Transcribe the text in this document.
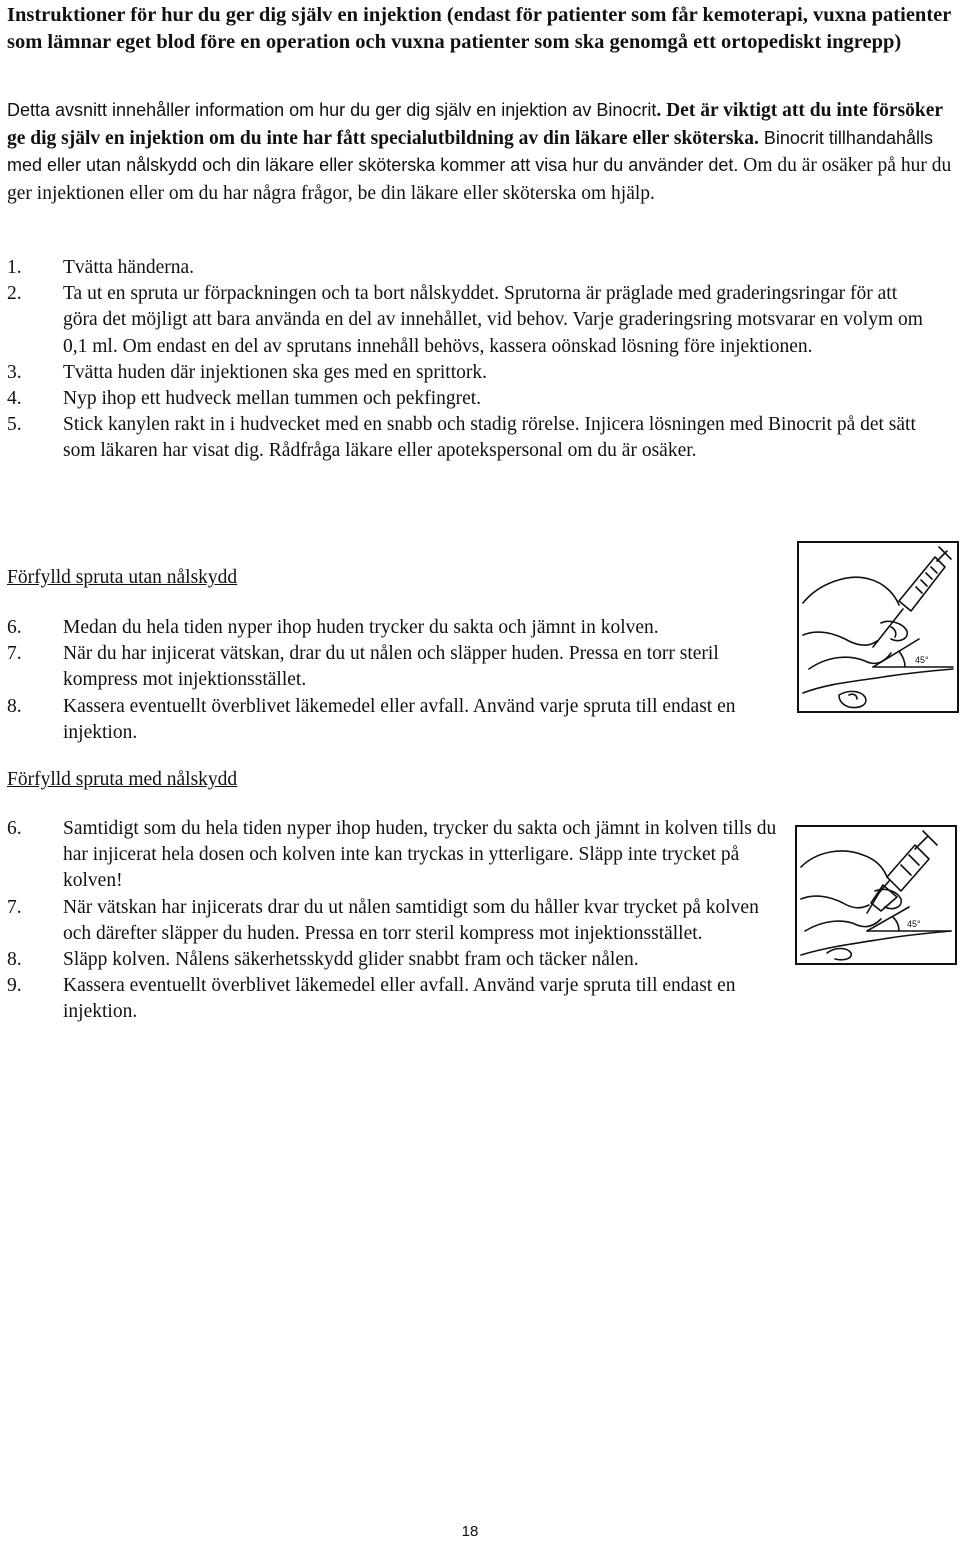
Instruktioner för hur du ger dig själv en injektion (endast för patienter som får kemoterapi, vuxna patienter som lämnar eget blod före en operation och vuxna patienter som ska genomgå ett ortopediskt ingrepp)

Detta avsnitt innehåller information om hur du ger dig själv en injektion av Binocrit. Det är viktigt att du inte försöker ge dig själv en injektion om du inte har fått specialutbildning av din läkare eller sköterska. Binocrit tillhandahålls med eller utan nålskydd och din läkare eller sköterska kommer att visa hur du använder det. Om du är osäker på hur du ger injektionen eller om du har några frågor, be din läkare eller sköterska om hjälp.

1. Tvätta händerna.
2. Ta ut en spruta ur förpackningen och ta bort nålskyddet. Sprutorna är präglade med graderingsringar för att göra det möjligt att bara använda en del av innehållet, vid behov. Varje graderingsring motsvarar en volym om 0,1 ml. Om endast en del av sprutans innehåll behövs, kassera oönskad lösning före injektionen.
3. Tvätta huden där injektionen ska ges med en sprittork.
4. Nyp ihop ett hudveck mellan tummen och pekfingret.
5. Stick kanylen rakt in i hudvecket med en snabb och stadig rörelse. Injicera lösningen med Binocrit på det sätt som läkaren har visat dig. Rådfråga läkare eller apotekspersonal om du är osäker.

Förfylld spruta utan nålskydd

6. Medan du hela tiden nyper ihop huden trycker du sakta och jämnt in kolven.
7. När du har injicerat vätskan, drar du ut nålen och släpper huden. Pressa en torr steril kompress mot injektionsstället.
8. Kassera eventuellt överblivet läkemedel eller avfall. Använd varje spruta till endast en injektion.
45°

Förfylld spruta med nålskydd

6. Samtidigt som du hela tiden nyper ihop huden, trycker du sakta och jämnt in kolven tills du har injicerat hela dosen och kolven inte kan tryckas in ytterligare. Släpp inte trycket på kolven!
7. När vätskan har injicerats drar du ut nålen samtidigt som du håller kvar trycket på kolven och därefter släpper du huden. Pressa en torr steril kompress mot injektionsstället.
8. Släpp kolven. Nålens säkerhetsskydd glider snabbt fram och täcker nålen.
9. Kassera eventuellt överblivet läkemedel eller avfall. Använd varje spruta till endast en injektion.
45°
18
